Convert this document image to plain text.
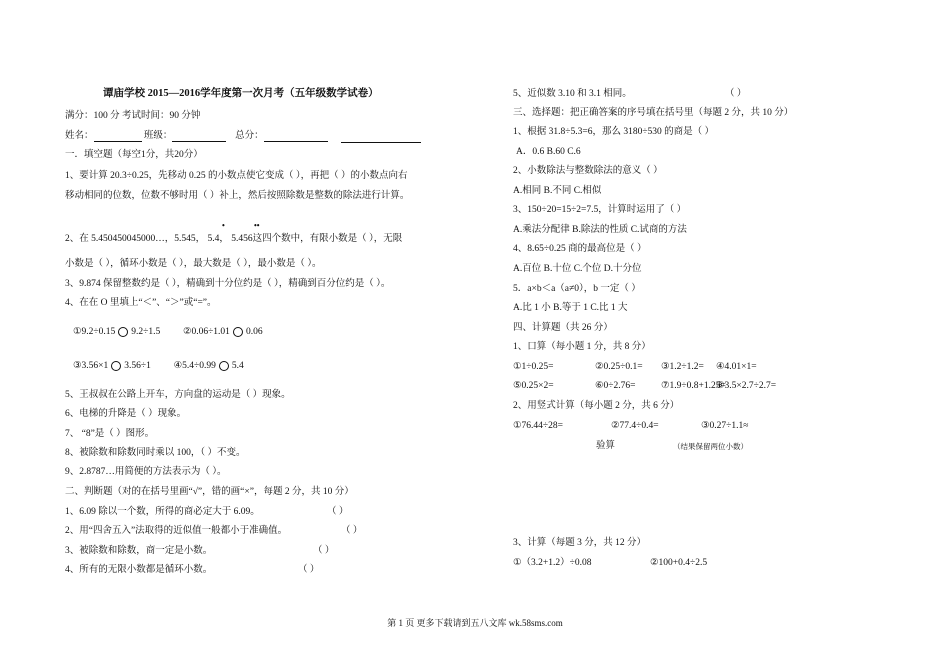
谭庙学校 2015—2016学年度第一次月考（五年级数学试卷）
满分：100 分 考试时间：90 分钟
姓名：	班级：	总分：
一．填空题（每空1分，共20分）
1、要计算 20.3÷0.25，先移动 0.25 的小数点使它变成（ ），再把（ ）的小数点向右
移动相同的位数，位数不够时用（ ）补上，然后按照除数是整数的除法进行计算。
•	••
2、在 5.450450045000…，5.545， 5.4， 5.456这四个数中，有限小数是（ ），无限
小数是（ ），循环小数是（ ），最大数是（ ），最小数是（ ）。
3、9.874 保留整数约是（ ），精确到十分位约是（ ），精确到百分位约是（ ）。
4、在在 O 里填上“＜”、“＞”或“=”。
①9.2÷0.15 9.2÷1.5 ②0.06÷1.01 0.06
③3.56×1 3.56÷1 ④5.4÷0.99 5.4
5、王叔叔在公路上开车，方向盘的运动是（ ）现象。
6、电梯的升降是（ ）现象。
7、 “8”是（ ）图形。
8、被除数和除数同时乘以 100，（ ）不变。
9、2.8787…用简便的方法表示为（ ）。
二、判断题（对的在括号里画“√”，错的画“×”，每题 2 分，共 10 分）
1、6.09 除以一个数，所得的商必定大于 6.09。	（ ）
2、用“四舍五入”法取得的近似值一般都小于准确值。	（ ）
3、被除数和除数，商一定是小数。	（ ）
4、所有的无限小数都是循环小数。	（ ）
5、近似数 3.10 和 3.1 相同。	（ ）
三、选择题：把正确答案的序号填在括号里（每题 2 分，共 10 分）
1、根据 31.8÷5.3=6，那么 3180÷530 的商是（ ）
A．0.6 B.60 C.6
2、小数除法与整数除法的意义（ ）
A.相同 B.不同 C.相似
3、150÷20=15÷2=7.5，计算时运用了（ ）
A.乘法分配律 B.除法的性质 C.试商的方法
4、8.65÷0.25 商的最高位是（ ）
A.百位 B.十位 C.个位 D.十分位
5．a×b＜a（a≠0），b 一定（ ）
A.比 1 小 B.等于 1 C.比 1 大
四、计算题（共 26 分）
1、口算（每小题 1 分，共 8 分）
①1÷0.25=	②0.25÷0.1= ③1.2÷1.2= ④4.01×1=
⑤0.25×2=	⑥0÷2.76=	⑦1.9÷0.8+1.25=
⑧3.5×2.7÷2.7=
2、用竖式计算（每小题 2 分，共 6 分）
①76.44÷28=	②77.4÷0.4=	③0.27÷1.1≈
验算	（结果保留两位小数）
3、计算（每题 3 分，共 12 分）
①（3.2+1.2）÷0.08	②100+0.4÷2.5
第 1 页 更多下载请到五八文库 wk.58sms.com
